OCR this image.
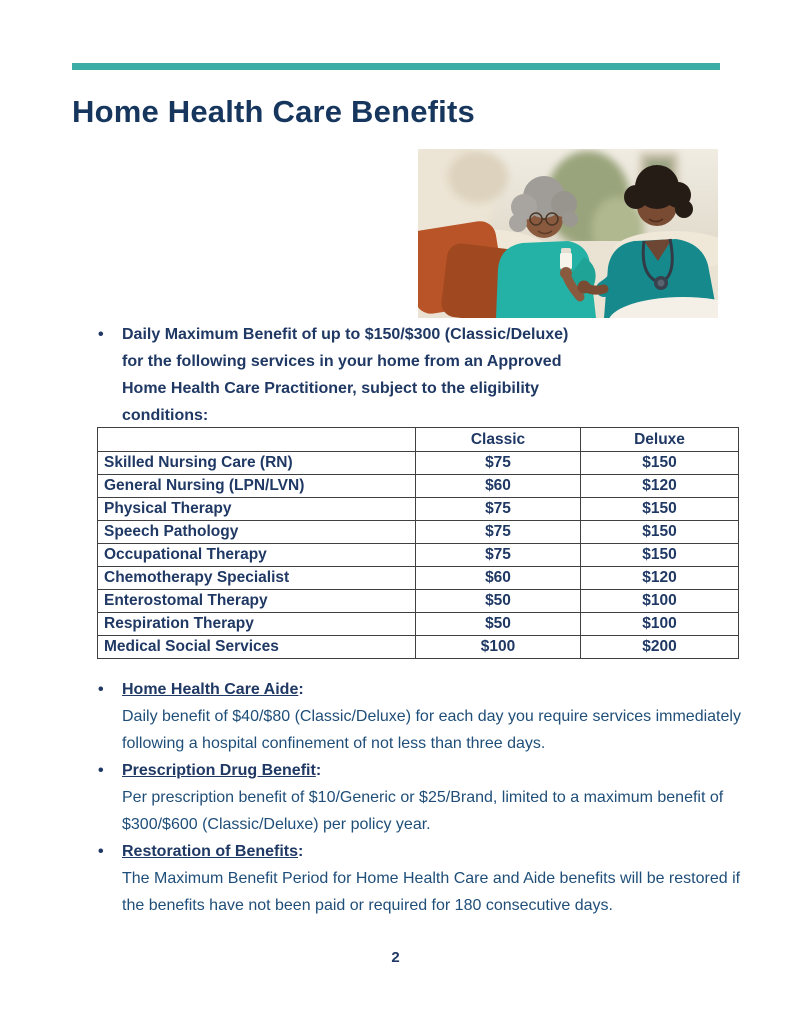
Home Health Care Benefits
•	Daily Maximum Benefit of up to $150/$300 (Classic/Deluxe) for the following services in your home from an Approved Home Health Care Practitioner, subject to the eligibility conditions:
	Classic	Deluxe
Skilled Nursing Care (RN)	$75	$150
General Nursing (LPN/LVN)	$60	$120
Physical Therapy	$75	$150
Speech Pathology	$75	$150
Occupational Therapy	$75	$150
Chemotherapy Specialist	$60	$120
Enterostomal Therapy	$50	$100
Respiration Therapy	$50	$100
Medical Social Services	$100	$200
•	Home Health Care Aide:

Daily benefit of $40/$80 (Classic/Deluxe) for each day you require services immediately following a hospital confinement of not less than three days.

•	Prescription Drug Benefit:

Per prescription benefit of $10/Generic or $25/Brand, limited to a maximum benefit of $300/$600 (Classic/Deluxe) per policy year.

•	Restoration of Benefits:

The Maximum Benefit Period for Home Health Care and Aide benefits will be restored if the benefits have not been paid or required for 180 consecutive days.

2
